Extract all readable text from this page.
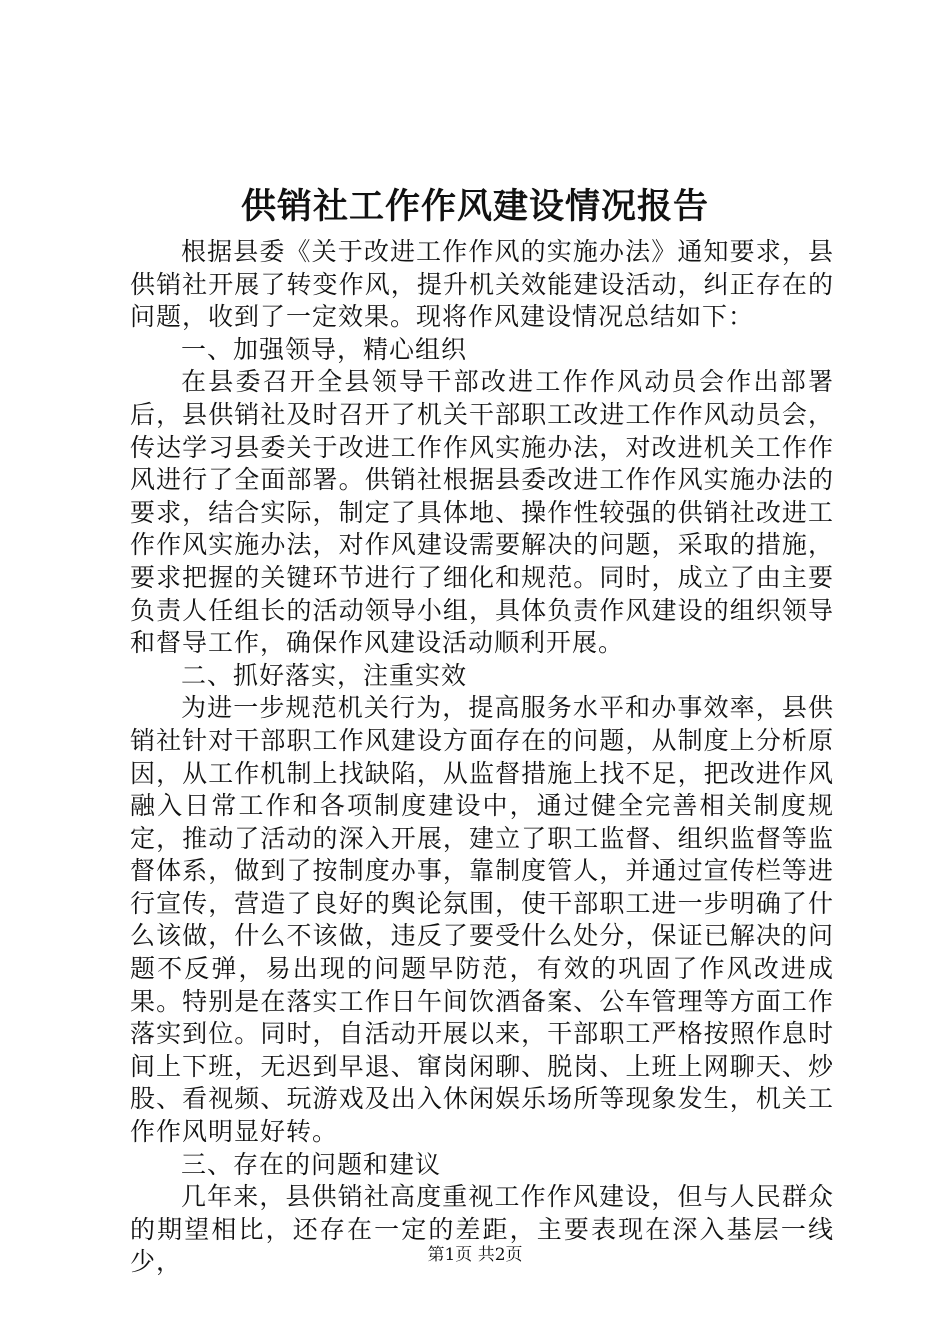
供销社工作作风建设情况报告

根据县委《关于改进工作作风的实施办法》通知要求，县供销社开展了转变作风，提升机关效能建设活动，纠正存在的问题，收到了一定效果。现将作风建设情况总结如下：

一、加强领导，精心组织

在县委召开全县领导干部改进工作作风动员会作出部署后，县供销社及时召开了机关干部职工改进工作作风动员会，传达学习县委关于改进工作作风实施办法，对改进机关工作作风进行了全面部署。供销社根据县委改进工作作风实施办法的要求，结合实际，制定了具体地、操作性较强的供销社改进工作作风实施办法，对作风建设需要解决的问题，采取的措施，要求把握的关键环节进行了细化和规范。同时，成立了由主要负责人任组长的活动领导小组，具体负责作风建设的组织领导和督导工作，确保作风建设活动顺利开展。

二、抓好落实，注重实效

为进一步规范机关行为，提高服务水平和办事效率，县供销社针对干部职工作风建设方面存在的问题，从制度上分析原因，从工作机制上找缺陷，从监督措施上找不足，把改进作风融入日常工作和各项制度建设中，通过健全完善相关制度规定，推动了活动的深入开展，建立了职工监督、组织监督等监督体系，做到了按制度办事，靠制度管人，并通过宣传栏等进行宣传，营造了良好的舆论氛围，使干部职工进一步明确了什么该做，什么不该做，违反了要受什么处分，保证已解决的问题不反弹，易出现的问题早防范，有效的巩固了作风改进成果。特别是在落实工作日午间饮酒备案、公车管理等方面工作落实到位。同时，自活动开展以来，干部职工严格按照作息时间上下班，无迟到早退、窜岗闲聊、脱岗、上班上网聊天、炒股、看视频、玩游戏及出入休闲娱乐场所等现象发生，机关工作作风明显好转。

三、存在的问题和建议

几年来，县供销社高度重视工作作风建设，但与人民群众的期望相比，还存在一定的差距，主要表现在深入基层一线少，	第1页 共2页
